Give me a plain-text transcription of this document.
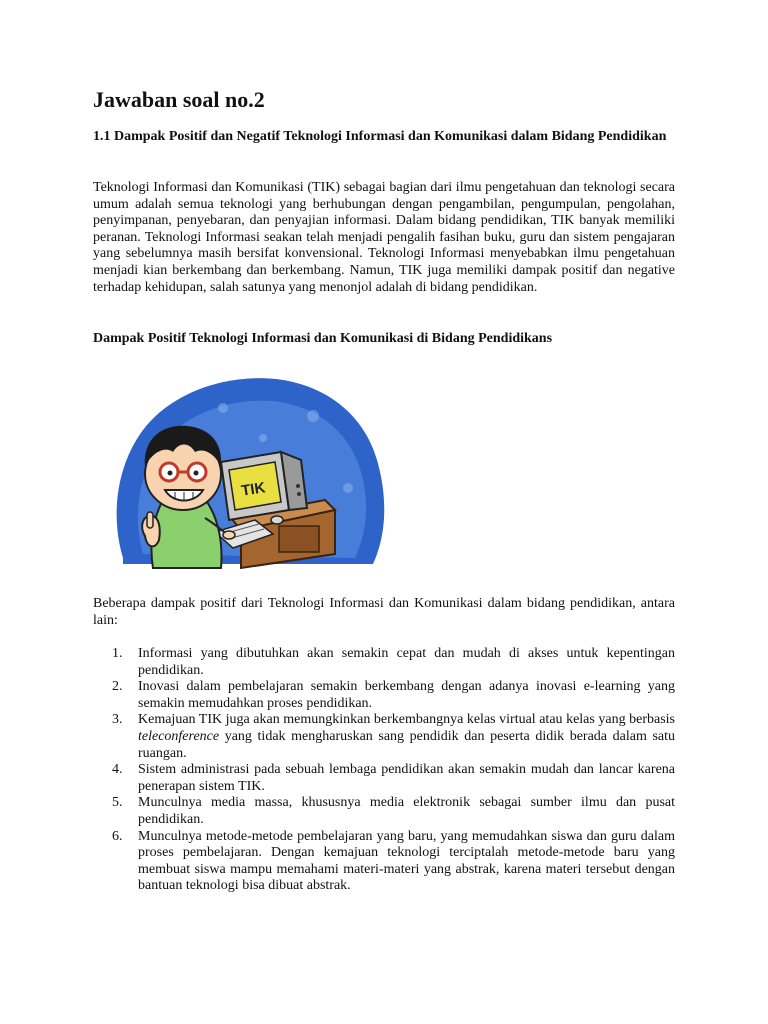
Jawaban soal no.2
1.1 Dampak Positif dan Negatif Teknologi Informasi dan Komunikasi dalam Bidang Pendidikan

Teknologi Informasi dan Komunikasi (TIK) sebagai bagian dari ilmu pengetahuan dan teknologi secara umum adalah semua teknologi yang berhubungan dengan pengambilan, pengumpulan, pengolahan, penyimpanan, penyebaran, dan penyajian informasi. Dalam bidang pendidikan, TIK banyak memiliki peranan. Teknologi Informasi seakan telah menjadi pengalih fasihan buku, guru dan sistem pengajaran yang sebelumnya masih bersifat konvensional. Teknologi Informasi menyebabkan ilmu pengetahuan menjadi kian berkembang dan berkembang. Namun, TIK juga memiliki dampak positif dan negative terhadap kehidupan, salah satunya yang menonjol adalah di bidang pendidikan.

Dampak Positif Teknologi Informasi dan Komunikasi di Bidang Pendidikans
TIK

Beberapa dampak positif dari Teknologi Informasi dan Komunikasi dalam bidang pendidikan, antara lain:

1. Informasi yang dibutuhkan akan semakin cepat dan mudah di akses untuk kepentingan pendidikan.
2. Inovasi dalam pembelajaran semakin berkembang dengan adanya inovasi e-learning yang semakin memudahkan proses pendidikan.
3. Kemajuan TIK juga akan memungkinkan berkembangnya kelas virtual atau kelas yang berbasis teleconference yang tidak mengharuskan sang pendidik dan peserta didik berada dalam satu ruangan.
4. Sistem administrasi pada sebuah lembaga pendidikan akan semakin mudah dan lancar karena penerapan sistem TIK.
5. Munculnya media massa, khususnya media elektronik sebagai sumber ilmu dan pusat pendidikan.
6. Munculnya metode-metode pembelajaran yang baru, yang memudahkan siswa dan guru dalam proses pembelajaran. Dengan kemajuan teknologi terciptalah metode-metode baru yang membuat siswa mampu memahami materi-materi yang abstrak, karena materi tersebut dengan bantuan teknologi bisa dibuat abstrak.
